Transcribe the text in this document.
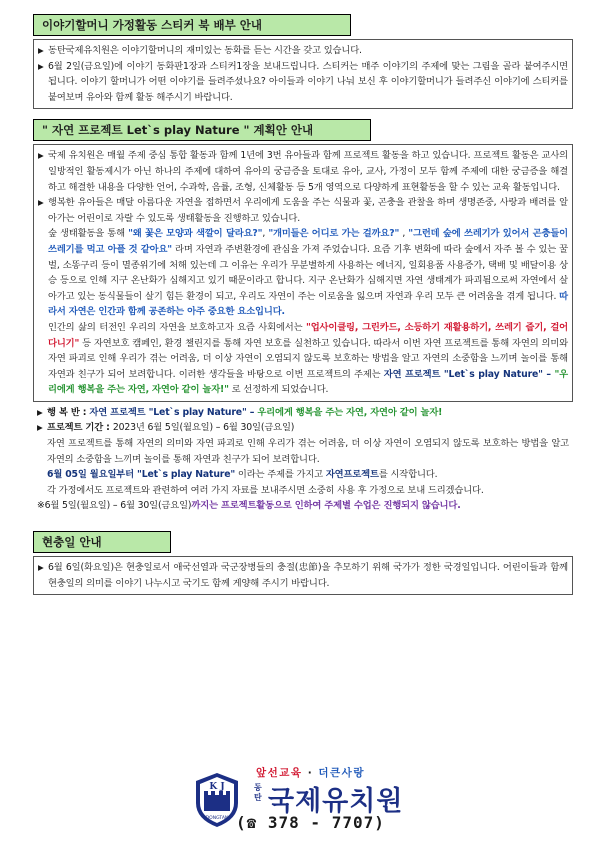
이야기할머니 가정활동 스티커 북 배부 안내

▶ 동탄국제유치원은 이야기할머니의 재미있는 동화를 듣는 시간을 갖고 있습니다.

▶ 6월 2일(금요일)에 이야기 동화판1장과 스티커1장을 보내드립니다. 스티커는 매주 이야기의 주제에 맞는 그림을 골라 붙여주시면 됩니다. 이야기 할머니가 어떤 이야기를 들려주셨나요? 아이들과 이야기 나눠 보신 후 이야기할머니가 들려주신 이야기에 스티커를 붙여보며 유아와 함께 활동 해주시기 바랍니다.

" 자연 프로젝트 Let`s play Nature " 계획안 안내

▶ 국제 유치원은 매월 주제 중심 통합 활동과 함께 1년에 3번 유아들과 함께 프로젝트 활동을 하고 있습니다. 프로젝트 활동은 교사의 일방적인 활동제시가 아닌 하나의 주제에 대하여 유아의 궁금증을 토대로 유아, 교사, 가정이 모두 함께 주제에 대한 궁금증을 해결하고 해결한 내용을 다양한 언어, 수과학, 음률, 조형, 신체활동 등 5개 영역으로 다양하게 표현활동을 할 수 있는 교육 활동입니다.

▶ 행복한 유아들은 매달 아름다운 자연을 접하면서 우리에게 도움을 주는 식물과 꽃, 곤충을 관찰을 하며 생명존중, 사랑과 배려를 알아가는 어린이로 자랄 수 있도록 생태활동을 진행하고 있습니다.

숲 생태활동을 통해 "왜 꽃은 모양과 색깔이 달라요?", "개미들은 어디로 가는 걸까요?" , "그런데 숲에 쓰레기가 있어서 곤충들이 쓰레기를 먹고 아플 것 같아요" 라며 자연과 주변환경에 관심을 가져 주었습니다. 요즘 기후 변화에 따라 숲에서 자주 볼 수 있는 꿀벌, 소똥구리 등이 멸종위기에 처해 있는데 그 이유는 우리가 무분별하게 사용하는 에너지, 일회용품 사용증가, 택배 및 배달이용 상승 등으로 인해 지구 온난화가 심해지고 있기 때문이라고 합니다. 지구 온난화가 심해지면 자연 생태계가 파괴됨으로써 자연에서 살아가고 있는 동식물들이 살기 힘든 환경이 되고, 우리도 자연이 주는 이로움을 잃으며 자연과 우리 모두 큰 어려움을 겪게 됩니다. 따라서 자연은 인간과 함께 공존하는 아주 중요한 요소입니다.

인간의 삶의 터전인 우리의 자연을 보호하고자 요즘 사회에서는 "업사이클링, 그린카드, 소등하기 재활용하기, 쓰레기 줍기, 걸어 다니기" 등 자연보호 캠페인, 환경 챌린지를 통해 자연 보호를 실천하고 있습니다. 따라서 이번 자연 프로젝트를 통해 자연의 의미와 자연 파괴로 인해 우리가 겪는 어려움, 더 이상 자연이 오염되지 않도록 보호하는 방법을 알고 자연의 소중함을 느끼며 놀이를 통해 자연과 친구가 되어 보려합니다. 이러한 생각들을 바탕으로 이번 프로젝트의 주제는 자연 프로젝트 "Let`s play Nature" – "우리에게 행복을 주는 자연, 자연아 같이 놀자!" 로 선정하게 되었습니다.

▶ 행 복 반 : 자연 프로젝트 "Let`s play Nature" – 우리에게 행복을 주는 자연, 자연아 같이 놀자!

▶ 프로젝트 기간 : 2023년 6월 5일(월요일) – 6월 30일(금요일)

자연 프로젝트를 통해 자연의 의미와 자연 파괴로 인해 우리가 겪는 어려움, 더 이상 자연이 오염되지 않도록 보호하는 방법을 알고 자연의 소중함을 느끼며 놀이를 통해 자연과 친구가 되어 보려합니다.

6월 05일 월요일부터 "Let`s play Nature" 이라는 주제를 가지고 자연프로젝트를 시작합니다.

각 가정에서도 프로젝트와 관련하여 여러 가지 자료를 보내주시면 소중히 사용 후 가정으로 보내 드리겠습니다.

※6월 5일(월요일) – 6월 30일(금요일)까지는 프로젝트활동으로 인하여 주제별 수업은 진행되지 않습니다.

현충일 안내

▶ 6월 6일(화요일)은 현충일로서 애국선열과 국군장병들의 충절(忠節)을 추모하기 위해 국가가 정한 국경일입니다. 어린이들과 함께 현충일의 의미를 이야기 나누시고 국기도 함께 게양해 주시기 바랍니다.

앞선교육 · 더큰사랑
K J
DONGTAN
동탄 국제유치원
(☎ 378 - 7707)
